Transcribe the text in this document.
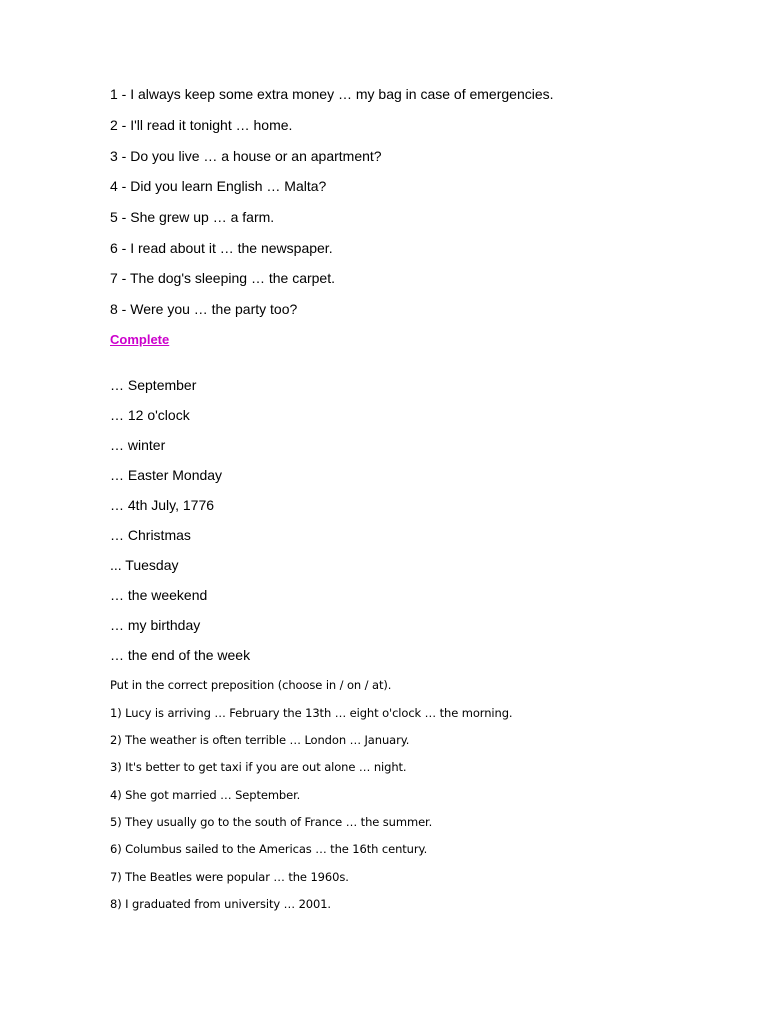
1 - I always keep some extra money … my bag in case of emergencies.
2 - I'll read it tonight … home.
3 - Do you live … a house or an apartment?
4 - Did you learn English … Malta?
5 - She grew up … a farm.
6 - I read about it … the newspaper.
7 - The dog's sleeping … the carpet.
8 - Were you … the party too?
Complete
… September
… 12 o'clock
… winter
… Easter Monday
… 4th July, 1776
… Christmas
... Tuesday
… the weekend
… my birthday
… the end of the week
Put in the correct preposition (choose in / on / at).
1) Lucy is arriving … February the 13th … eight o'clock … the morning.
2) The weather is often terrible … London … January.
3) It's better to get taxi if you are out alone … night.
4) She got married … September.
5) They usually go to the south of France … the summer.
6) Columbus sailed to the Americas … the 16th century.
7) The Beatles were popular … the 1960s.
8) I graduated from university … 2001.
